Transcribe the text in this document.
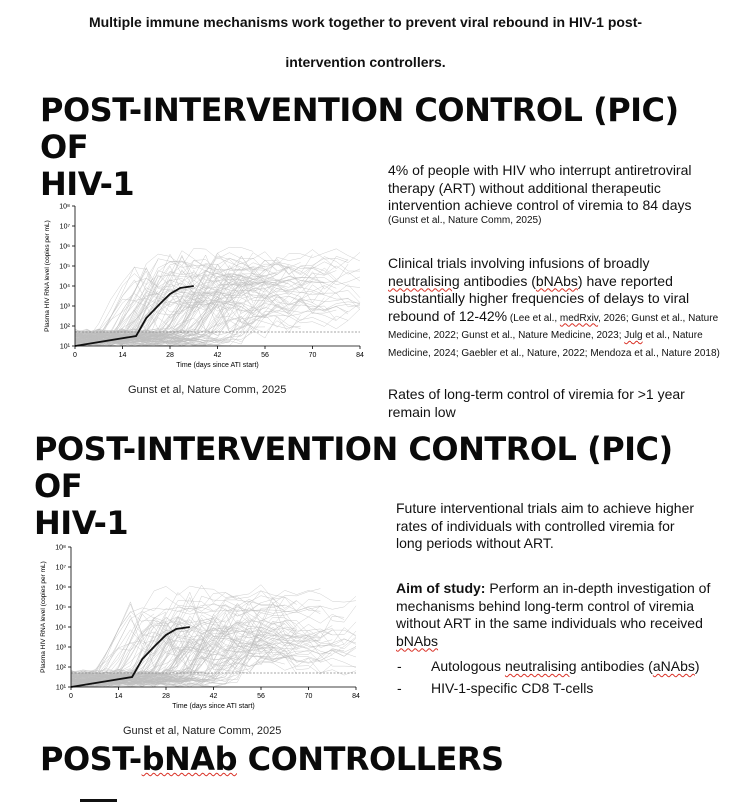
Multiple immune mechanisms work together to prevent viral rebound in HIV-1 post-
intervention controllers.
POST-INTERVENTION CONTROL (PIC) OF
HIV-1
0	14	28	42	56	70	84
10¹
10²
10³
10⁴
10⁵
10⁶
10⁷
10⁸
Time (days since ATI start)
Plasma HIV RNA level (copies per mL)
Gunst et al, Nature Comm, 2025
4% of people with HIV who interrupt antiretroviral therapy (ART) without additional therapeutic intervention achieve control of viremia to 84 days
(Gunst et al., Nature Comm, 2025)
Clinical trials involving infusions of broadly neutralising antibodies (bNAbs) have reported substantially higher frequencies of delays to viral rebound of 12-42% (Lee et al., medRxiv, 2026; Gunst et al., Nature Medicine, 2022; Gunst et al., Nature Medicine, 2023; Julg et al., Nature Medicine, 2024; Gaebler et al., Nature, 2022; Mendoza et al., Nature 2018)
Rates of long-term control of viremia for >1 year remain low
POST-INTERVENTION CONTROL (PIC) OF
HIV-1
0	14	28	42	56	70	84
10¹
10²
10³
10⁴
10⁵
10⁶
10⁷
10⁸
Time (days since ATI start)
Plasma HIV RNA level (copies per mL)
Gunst et al, Nature Comm, 2025
Future interventional trials aim to achieve higher rates of individuals with controlled viremia for long periods without ART.
Aim of study: Perform an in-depth investigation of mechanisms behind long-term control of viremia without ART in the same individuals who received bNAbs
- Autologous neutralising antibodies (aNAbs)
- HIV-1-specific CD8 T-cells
POST-bNAb CONTROLLERS
